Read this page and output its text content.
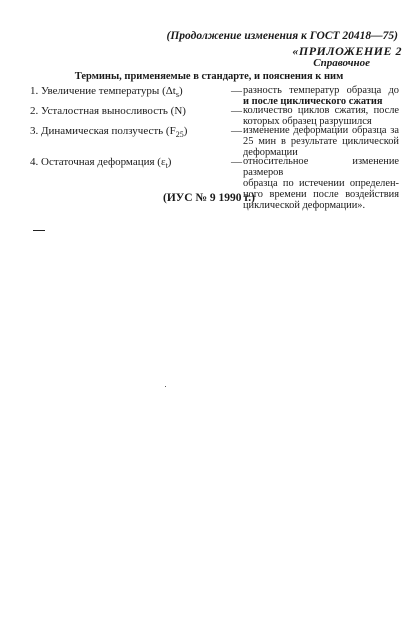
(Продолжение изменения к ГОСТ 20418—75)
«ПРИЛОЖЕНИЕ 2
Справочное
Термины, применяемые в стандарте, и пояснения к ним
1. Увеличение температуры $(\Delta t_s)$	— разность температур образца до
и после циклического сжатия
2. Усталостная выносливость (N)	— количество циклов сжатия, после
которых образец разрушился
3. Динамическая ползучесть $(F_{25})$	— изменение деформации образца за
25 мин в результате циклической
деформации
4. Остаточная деформация $(\varepsilon_t)$	— относительное изменение размеров
образца по истечении определен-
ного времени после воздействия
циклической деформации».
(ИУС № 9 1990 г.)
